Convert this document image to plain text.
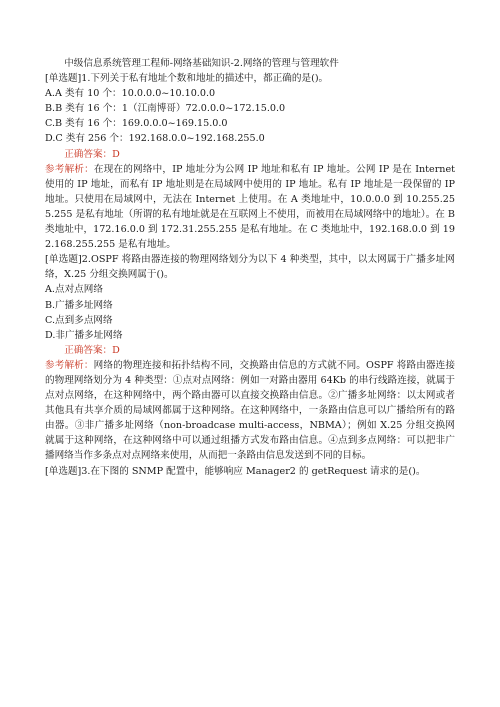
中级信息系统管理工程师-网络基础知识-2.网络的管理与管理软件
[单选题]1.下列关于私有地址个数和地址的描述中，都正确的是()。
A.A 类有 10 个：10.0.0.0~10.10.0.0
B.B 类有 16 个：1（江南博哥）72.0.0.0~172.15.0.0
C.B 类有 16 个：169.0.0.0~169.15.0.0
D.C 类有 256 个：192.168.0.0~192.168.255.0
正确答案：D
参考解析：在现在的网络中，IP 地址分为公网 IP 地址和私有 IP 地址。公网 IP 是在 Internet 使用的 IP 地址，而私有 IP 地址则是在局域网中使用的 IP 地址。私有 IP 地址是一段保留的 IP 地址。只使用在局域网中，无法在 Internet 上使用。在 A 类地址中，10.0.0.0 到 10.255.255.255 是私有地址（所谓的私有地址就是在互联网上不使用，而被用在局域网络中的地址）。在 B 类地址中，172.16.0.0 到 172.31.255.255 是私有地址。在 C 类地址中，192.168.0.0 到 192.168.255.255 是私有地址。
[单选题]2.OSPF 将路由器连接的物理网络划分为以下 4 种类型，其中，以太网属于广播多址网络，X.25 分组交换网属于()。
A.点对点网络
B.广播多址网络
C.点到多点网络
D.非广播多址网络
正确答案：D
参考解析：网络的物理连接和拓扑结构不同，交换路由信息的方式就不同。OSPF 将路由器连接的物理网络划分为 4 种类型：①点对点网络：例如一对路由器用 64Kb 的串行线路连接，就属于点对点网络，在这种网络中，两个路由器可以直接交换路由信息。②广播多址网络：以太网或者其他具有共享介质的局域网都属于这种网络。在这种网络中，一条路由信息可以广播给所有的路由器。③非广播多址网络（non-broadcase multi-access，NBMA）；例如 X.25 分组交换网就属于这种网络，在这种网络中可以通过组播方式发布路由信息。④点到多点网络：可以把非广播网络当作多条点对点网络来使用，从而把一条路由信息发送到不同的目标。
[单选题]3.在下图的 SNMP 配置中，能够响应 Manager2 的 getRequest 请求的是()。
